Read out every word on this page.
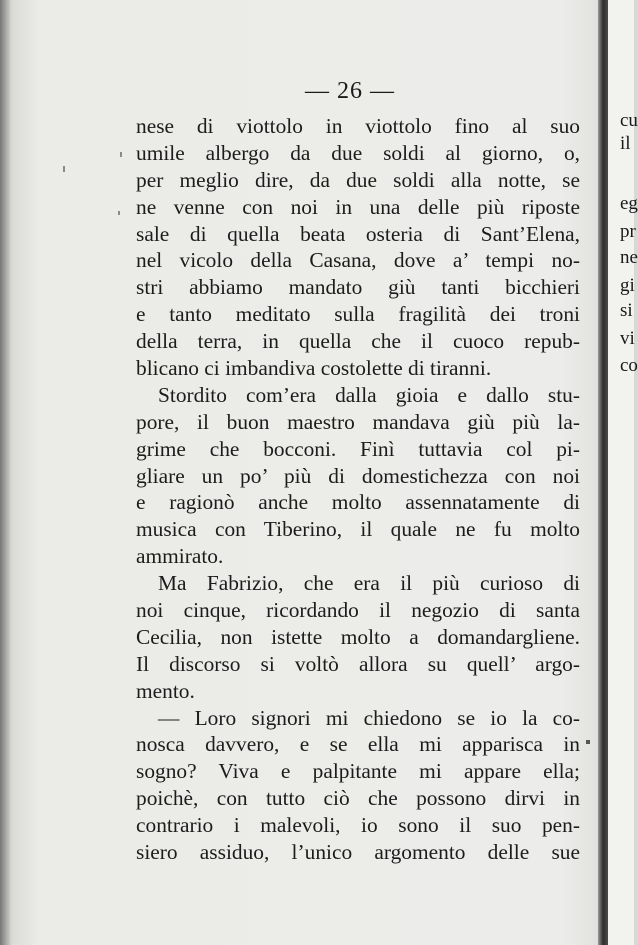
cu
il
eg
pr
ne
gi
si
vi
co
— 26 —
nese di viottolo in viottolo fino al suo
umile albergo da due soldi al giorno, o,
per meglio dire, da due soldi alla notte, se
ne venne con noi in una delle più riposte
sale di quella beata osteria di Sant’Elena,
nel vicolo della Casana, dove a’ tempi no-
stri abbiamo mandato giù tanti bicchieri
e tanto meditato sulla fragilità dei troni
della terra, in quella che il cuoco repub-
blicano ci imbandiva costolette di tiranni.
Stordito com’era dalla gioia e dallo stu-
pore, il buon maestro mandava giù più la-
grime che bocconi. Finì tuttavia col pi-
gliare un po’ più di domestichezza con noi
e ragionò anche molto assennatamente di
musica con Tiberino, il quale ne fu molto
ammirato.
Ma Fabrizio, che era il più curioso di
noi cinque, ricordando il negozio di santa
Cecilia, non istette molto a domandargliene.
Il discorso si voltò allora su quell’ argo-
mento.
— Loro signori mi chiedono se io la co-
nosca davvero, e se ella mi apparisca in
sogno? Viva e palpitante mi appare ella;
poichè, con tutto ciò che possono dirvi in
contrario i malevoli, io sono il suo pen-
siero assiduo, l’unico argomento delle sue
